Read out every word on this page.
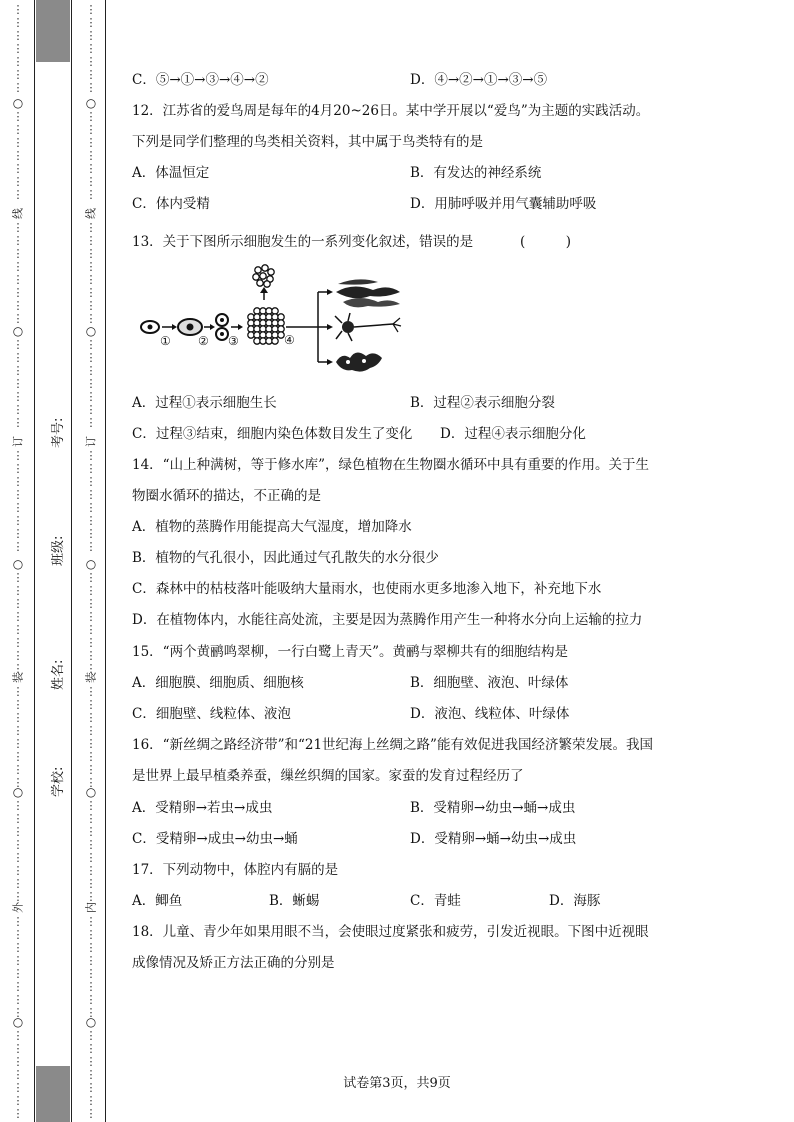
⋮
⋮
⋮
⋮
⋮
⋮
⋮
⋮
⋮
⋮
⋮
⋮
⋮
⋮
⋮
⋮
⋮
⋮
⋮
⋮
⋮
⋮
⋮
⋮
⋮
⋮
⋮
⋮
⋮
⋮
⋮
⋮
⋮
⋮
⋮
⋮
⋮
⋮
⋮
⋮
⋮
⋮
⋮
⋮
⋮
⋮
⋮
⋮
⋮
⋮
⋮
⋮
⋮
⋮
⋮
⋮
⋮
⋮
⋮
⋮
⋮
⋮
⋮
⋮
⋮
⋮
⋮
⋮
⋮
⋮
⋮
⋮
⋮
⋮
⋮
⋮
○
○
○
○
○
线
订
装
外
⋮
⋮
⋮
⋮
⋮
⋮
⋮
⋮
⋮
⋮
⋮
⋮
⋮
⋮
⋮
⋮
⋮
⋮
⋮
⋮
⋮
⋮
⋮
⋮
⋮
⋮
⋮
⋮
⋮
⋮
⋮
⋮
⋮
⋮
⋮
⋮
⋮
⋮
⋮
⋮
⋮
⋮
⋮
⋮
⋮
⋮
⋮
⋮
⋮
⋮
⋮
⋮
⋮
⋮
⋮
⋮
⋮
⋮
⋮
⋮
⋮
⋮
⋮
⋮
⋮
⋮
⋮
⋮
⋮
⋮
⋮
⋮
⋮
⋮
⋮
⋮
○
○
○
○
○
线
订
装
内
学校:
姓名:
班级:
考号:
C．⑤→①→③→④→②	D．④→②→①→③→⑤
12．江苏省的爱鸟周是每年的4月20~26日。某中学开展以“爱鸟”为主题的实践活动。
下列是同学们整理的鸟类相关资料，其中属于鸟类特有的是
A．体温恒定	B．有发达的神经系统
C．体内受精	D．用肺呼吸并用气囊辅助呼吸
13．关于下图所示细胞发生的一系列变化叙述，错误的是	(　　　)
① ② ③	④
A．过程①表示细胞生长	B．过程②表示细胞分裂
C．过程③结束，细胞内染色体数目发生了变化 D．过程④表示细胞分化
14．“山上种满树，等于修水库”，绿色植物在生物圈水循环中具有重要的作用。关于生
物圈水循环的描达，不正确的是
A．植物的蒸腾作用能提高大气湿度，增加降水
B．植物的气孔很小，因此通过气孔散失的水分很少
C．森林中的枯枝落叶能吸纳大量雨水，也使雨水更多地渗入地下，补充地下水
D．在植物体内，水能往高处流，主要是因为蒸腾作用产生一种将水分向上运输的拉力
15．“两个黄鹂鸣翠柳，一行白鹭上青天”。黄鹂与翠柳共有的细胞结构是
A．细胞膜、细胞质、细胞核	B．细胞壁、液泡、叶绿体
C．细胞壁、线粒体、液泡	D．液泡、线粒体、叶绿体
16．“新丝绸之路经济带”和“21世纪海上丝绸之路”能有效促进我国经济繁荣发展。我国
是世界上最早植桑养蚕，缫丝织绸的国家。家蚕的发育过程经历了
A．受精卵→若虫→成虫	B．受精卵→幼虫→蛹→成虫
C．受精卵→成虫→幼虫→蛹	D．受精卵→蛹→幼虫→成虫
17．下列动物中，体腔内有膈的是
A．鲫鱼	B．蜥蜴	C．青蛙	D．海豚
18．儿童、青少年如果用眼不当，会使眼过度紧张和疲劳，引发近视眼。下图中近视眼
成像情况及矫正方法正确的分别是
试卷第3页，共9页
